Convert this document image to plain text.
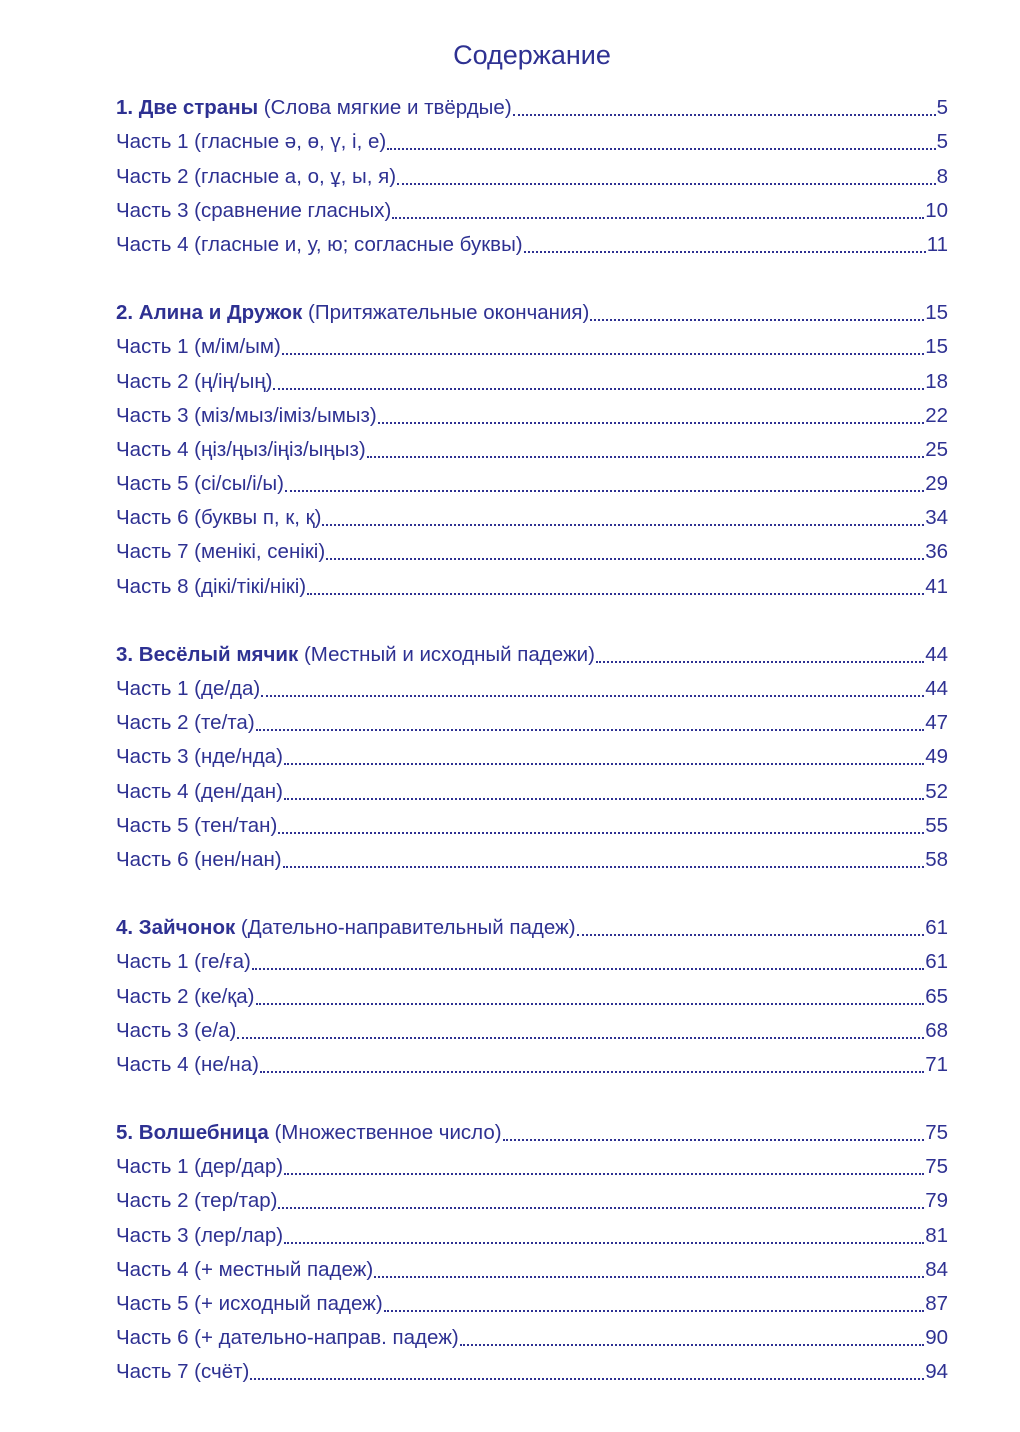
Содержание
1. Две страны (Слова мягкие и твёрдые)	5
Часть 1 (гласные ә, ө, ү, і, е)	5
Часть 2 (гласные а, о, ұ, ы, я)	8
Часть 3 (сравнение гласных)	10
Часть 4 (гласные и, у, ю; согласные буквы)	11
2. Алина и Дружок (Притяжательные окончания)	15
Часть 1 (м/ім/ым)	15
Часть 2 (ң/iң/ың)	18
Часть 3 (міз/мыз/іміз/ымыз)	22
Часть 4 (ңіз/ңыз/іңіз/ыңыз)	25
Часть 5 (сі/сы/і/ы)	29
Часть 6 (буквы п, к, қ)	34
Часть 7 (менікі, сенікі)	36
Часть 8 (дікі/тікі/нікі)	41
3. Весёлый мячик (Местный и исходный падежи)	44
Часть 1 (де/да)	44
Часть 2 (те/та)	47
Часть 3 (нде/нда)	49
Часть 4 (ден/дан)	52
Часть 5 (тен/тан)	55
Часть 6 (нен/нан)	58
4. Зайчонок (Дательно-направительный падеж)	61
Часть 1 (ге/ға)	61
Часть 2 (ке/қа)	65
Часть 3 (е/а)	68
Часть 4 (не/на)	71
5. Волшебница (Множественное число)	75
Часть 1 (дер/дар)	75
Часть 2 (тер/тар)	79
Часть 3 (лер/лар)	81
Часть 4 (+ местный падеж)	84
Часть 5 (+ исходный падеж)	87
Часть 6 (+ дательно-направ. падеж)	90
Часть 7 (счёт)	94
